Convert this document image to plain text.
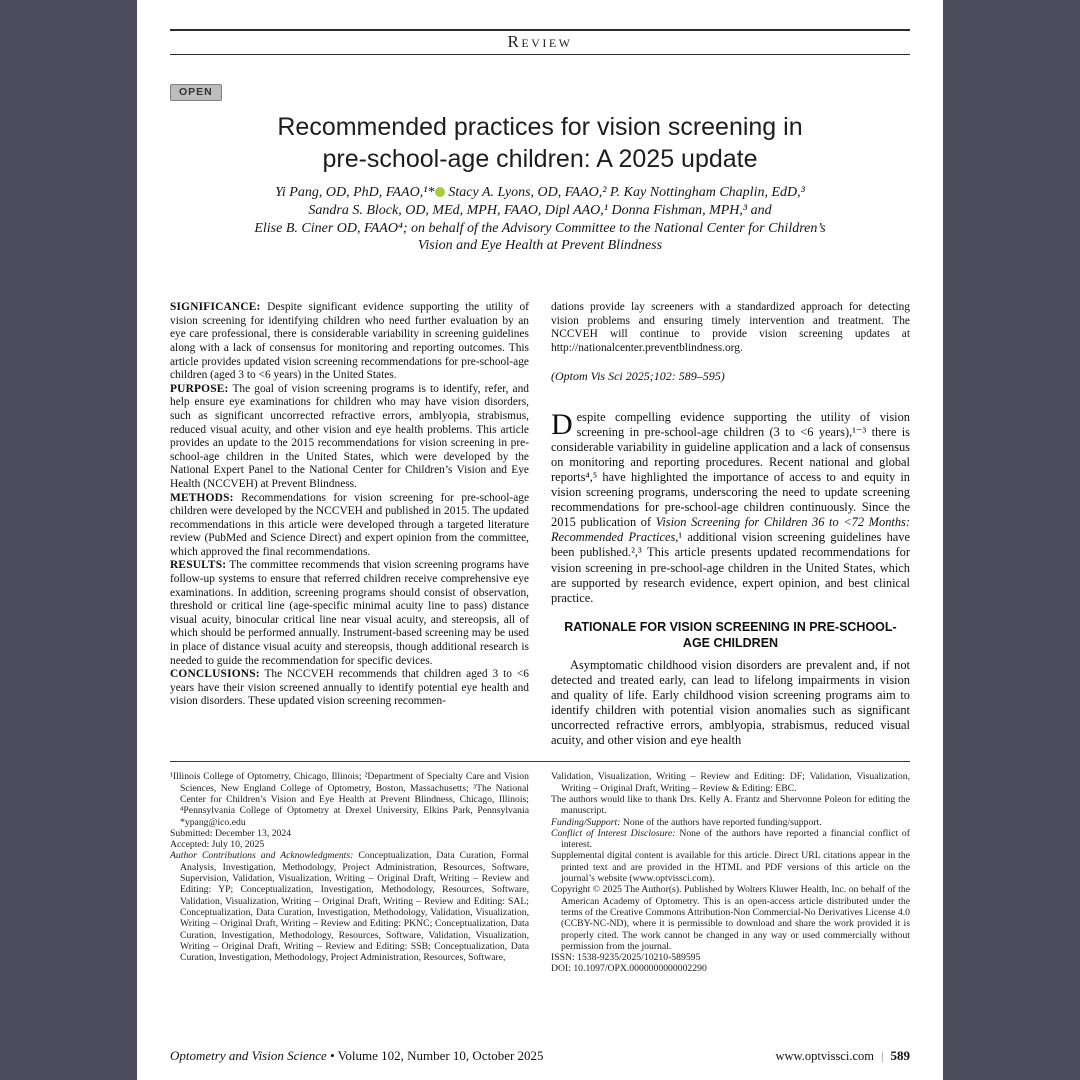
Review
OPEN
Recommended practices for vision screening in
pre-school-age children: A 2025 update
Yi Pang, OD, PhD, FAAO,¹* Stacy A. Lyons, OD, FAAO,² P. Kay Nottingham Chaplin, EdD,³
Sandra S. Block, OD, MEd, MPH, FAAO, Dipl AAO,¹ Donna Fishman, MPH,³ and
Elise B. Ciner OD, FAAO⁴; on behalf of the Advisory Committee to the National Center for Children’s
Vision and Eye Health at Prevent Blindness

SIGNIFICANCE: Despite significant evidence supporting the utility of vision screening for identifying children who need further evaluation by an eye care professional, there is considerable variability in screening guidelines along with a lack of consensus for monitoring and reporting outcomes. This article provides updated vision screening recommendations for pre-school-age children (aged 3 to <6 years) in the United States.

PURPOSE: The goal of vision screening programs is to identify, refer, and help ensure eye examinations for children who may have vision disorders, such as significant uncorrected refractive errors, amblyopia, strabismus, reduced visual acuity, and other vision and eye health problems. This article provides an update to the 2015 recommendations for vision screening in pre-school-age children in the United States, which were developed by the National Expert Panel to the National Center for Children’s Vision and Eye Health (NCCVEH) at Prevent Blindness.

METHODS: Recommendations for vision screening for pre-school-age children were developed by the NCCVEH and published in 2015. The updated recommendations in this article were developed through a targeted literature review (PubMed and Science Direct) and expert opinion from the committee, which approved the final recommendations.

RESULTS: The committee recommends that vision screening programs have follow-up systems to ensure that referred children receive comprehensive eye examinations. In addition, screening programs should consist of observation, threshold or critical line (age-specific minimal acuity line to pass) distance visual acuity, binocular critical line near visual acuity, and stereopsis, all of which should be performed annually. Instrument-based screening may be used in place of distance visual acuity and stereopsis, though additional research is needed to guide the recommendation for specific devices.

CONCLUSIONS: The NCCVEH recommends that children aged 3 to <6 years have their vision screened annually to identify potential eye health and vision disorders. These updated vision screening recommen-

dations provide lay screeners with a standardized approach for detecting vision problems and ensuring timely intervention and treatment. The NCCVEH will continue to provide vision screening updates at http://nationalcenter.preventblindness.org.

(Optom Vis Sci 2025;102: 589–595)

Despite compelling evidence supporting the utility of vision screening in pre-school-age children (3 to <6 years),¹⁻³ there is considerable variability in guideline application and a lack of consensus on monitoring and reporting procedures. Recent national and global reports⁴,⁵ have highlighted the importance of access to and equity in vision screening programs, underscoring the need to update screening recommendations for pre-school-age children continuously. Since the 2015 publication of Vision Screening for Children 36 to <72 Months: Recommended Practices,¹ additional vision screening guidelines have been published.²,³ This article presents updated recommendations for vision screening in pre-school-age children in the United States, which are supported by research evidence, expert opinion, and best clinical practice.

RATIONALE FOR VISION SCREENING IN PRE-SCHOOL-AGE CHILDREN

Asymptomatic childhood vision disorders are prevalent and, if not detected and treated early, can lead to lifelong impairments in vision and quality of life. Early childhood vision screening programs aim to identify children with potential vision anomalies such as significant uncorrected refractive errors, amblyopia, strabismus, reduced visual acuity, and other vision and eye health

¹Illinois College of Optometry, Chicago, Illinois; ²Department of Specialty Care and Vision Sciences, New England College of Optometry, Boston, Massachusetts; ³The National Center for Children’s Vision and Eye Health at Prevent Blindness, Chicago, Illinois; ⁴Pennsylvania College of Optometry at Drexel University, Elkins Park, Pennsylvania *ypang@ico.edu

Submitted: December 13, 2024

Accepted: July 10, 2025

Author Contributions and Acknowledgments: Conceptualization, Data Curation, Formal Analysis, Investigation, Methodology, Project Administration, Resources, Software, Supervision, Validation, Visualization, Writing – Original Draft, Writing – Review and Editing: YP; Conceptualization, Investigation, Methodology, Resources, Software, Validation, Visualization, Writing – Original Draft, Writing – Review and Editing: SAL; Conceptualization, Data Curation, Investigation, Methodology, Validation, Visualization, Writing – Original Draft, Writing – Review and Editing: PKNC; Conceptualization, Data Curation, Investigation, Methodology, Resources, Software, Validation, Visualization, Writing – Original Draft, Writing – Review and Editing: SSB; Conceptualization, Data Curation, Investigation, Methodology, Project Administration, Resources, Software,

Validation, Visualization, Writing – Review and Editing: DF; Validation, Visualization, Writing – Original Draft, Writing – Review & Editing: EBC.

The authors would like to thank Drs. Kelly A. Frantz and Shervonne Poleon for editing the manuscript.

Funding/Support: None of the authors have reported funding/support.

Conflict of Interest Disclosure: None of the authors have reported a financial conflict of interest.

Supplemental digital content is available for this article. Direct URL citations appear in the printed text and are provided in the HTML and PDF versions of this article on the journal’s website (www.optvissci.com).

Copyright © 2025 The Author(s). Published by Wolters Kluwer Health, Inc. on behalf of the American Academy of Optometry. This is an open-access article distributed under the terms of the Creative Commons Attribution-Non Commercial-No Derivatives License 4.0 (CCBY-NC-ND), where it is permissible to download and share the work provided it is properly cited. The work cannot be changed in any way or used commercially without permission from the journal.

ISSN: 1538-9235/2025/10210-589595

DOI: 10.1097/OPX.0000000000002290

Optometry and Vision Science • Volume 102, Number 10, October 2025	www.optvissci.com | 589
